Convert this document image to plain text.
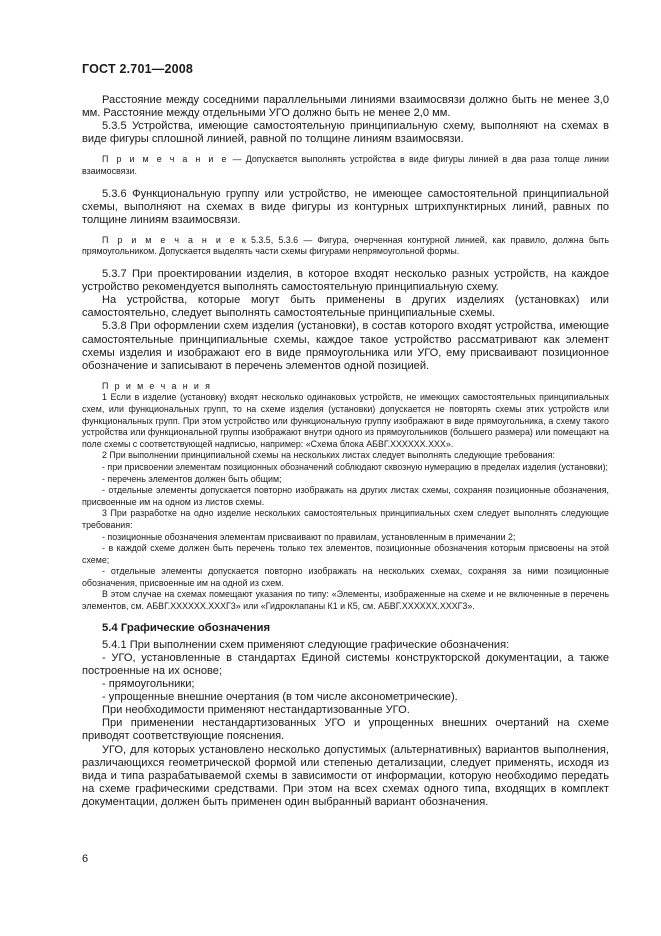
ГОСТ 2.701—2008

Расстояние между соседними параллельными линиями взаимосвязи должно быть не менее 3,0 мм. Расстояние между отдельными УГО должно быть не менее 2,0 мм.

5.3.5 Устройства, имеющие самостоятельную принципиальную схему, выполняют на схемах в виде фигуры сплошной линией, равной по толщине линиям взаимосвязи.

П р и м е ч а н и е — Допускается выполнять устройства в виде фигуры линией в два раза толще линии взаимосвязи.

5.3.6 Функциональную группу или устройство, не имеющее самостоятельной принципиальной схемы, выполняют на схемах в виде фигуры из контурных штрихпунктирных линий, равных по толщине линиям взаимосвязи.

П р и м е ч а н и е к 5.3.5, 5.3.6 — Фигура, очерченная контурной линией, как правило, должна быть прямоугольником. Допускается выделять части схемы фигурами непрямоугольной формы.

5.3.7 При проектировании изделия, в которое входят несколько разных устройств, на каждое устройство рекомендуется выполнять самостоятельную принципиальную схему.

На устройства, которые могут быть применены в других изделиях (установках) или самостоятельно, следует выполнять самостоятельные принципиальные схемы.

5.3.8 При оформлении схем изделия (установки), в состав которого входят устройства, имеющие самостоятельные принципиальные схемы, каждое такое устройство рассматривают как элемент схемы изделия и изображают его в виде прямоугольника или УГО, ему присваивают позиционное обозначение и записывают в перечень элементов одной позицией.

П р и м е ч а н и я

1 Если в изделие (установку) входят несколько одинаковых устройств, не имеющих самостоятельных принципиальных схем, или функциональных групп, то на схеме изделия (установки) допускается не повторять схемы этих устройств или функциональных групп. При этом устройство или функциональную группу изображают в виде прямоугольника, а схему такого устройства или функциональной группы изображают внутри одного из прямоугольников (большего размера) или помещают на поле схемы с соответствующей надписью, например: «Схема блока АБВГ.ХХХХХХ.ХХХ».

2 При выполнении принципиальной схемы на нескольких листах следует выполнять следующие требования:

- при присвоении элементам позиционных обозначений соблюдают сквозную нумерацию в пределах изделия (установки);

- перечень элементов должен быть общим;

- отдельные элементы допускается повторно изображать на других листах схемы, сохраняя позиционные обозначения, присвоенные им на одном из листов схемы.

3 При разработке на одно изделие нескольких самостоятельных принципиальных схем следует выполнять следующие требования:

- позиционные обозначения элементам присваивают по правилам, установленным в примечании 2;

- в каждой схеме должен быть перечень только тех элементов, позиционные обозначения которым присвоены на этой схеме;

- отдельные элементы допускается повторно изображать на нескольких схемах, сохраняя за ними позиционные обозначения, присвоенные им на одной из схем.

В этом случае на схемах помещают указания по типу: «Элементы, изображенные на схеме и не включенные в перечень элементов, см. АБВГ.ХХХХХХ.ХХХГ3» или «Гидроклапаны К1 и К5, см. АБВГ.ХХХХХХ.ХХХГ3».

5.4 Графические обозначения

5.4.1 При выполнении схем применяют следующие графические обозначения:

- УГО, установленные в стандартах Единой системы конструкторской документации, а также построенные на их основе;

- прямоугольники;

- упрощенные внешние очертания (в том числе аксонометрические).

При необходимости применяют нестандартизованные УГО.

При применении нестандартизованных УГО и упрощенных внешних очертаний на схеме приводят соответствующие пояснения.

УГО, для которых установлено несколько допустимых (альтернативных) вариантов выполнения, различающихся геометрической формой или степенью детализации, следует применять, исходя из вида и типа разрабатываемой схемы в зависимости от информации, которую необходимо передать на схеме графическими средствами. При этом на всех схемах одного типа, входящих в комплект документации, должен быть применен один выбранный вариант обозначения.

6
